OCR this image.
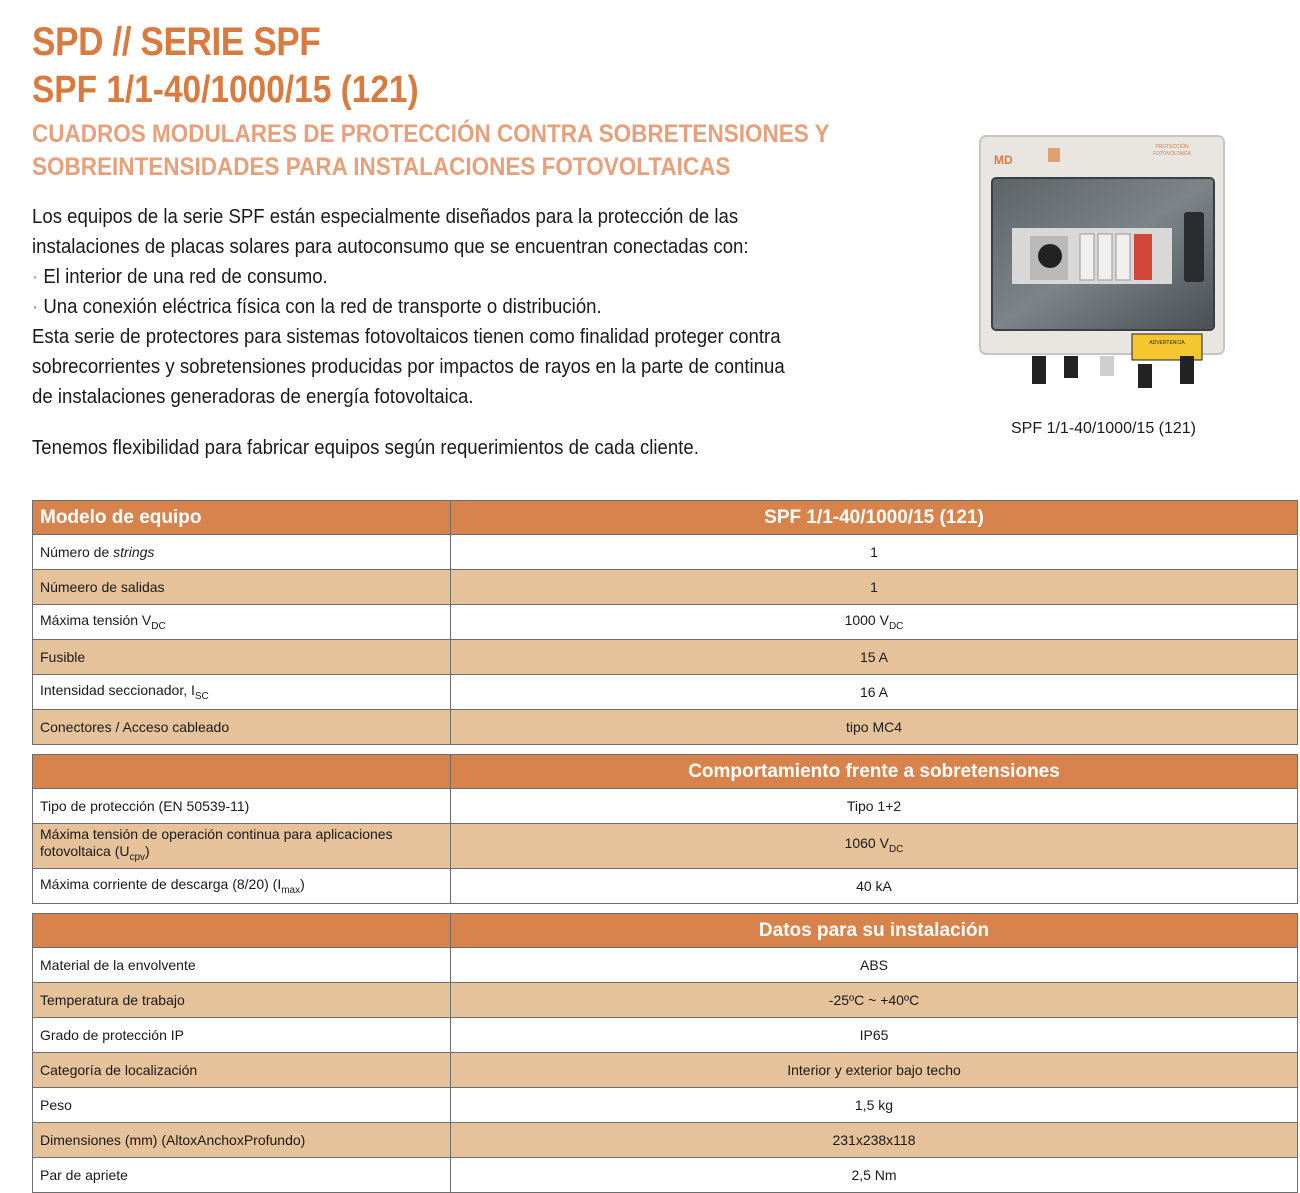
SPD // SERIE SPF
SPF 1/1-40/1000/15 (121)
CUADROS MODULARES DE PROTECCIÓN CONTRA SOBRETENSIONES Y
SOBREINTENSIDADES PARA INSTALACIONES FOTOVOLTAICAS
Los equipos de la serie SPF están especialmente diseñados para la protección de las
instalaciones de placas solares para autoconsumo que se encuentran conectadas con:
· El interior de una red de consumo.
· Una conexión eléctrica física con la red de transporte o distribución.
Esta serie de protectores para sistemas fotovoltaicos tienen como finalidad proteger contra
sobrecorrientes y sobretensiones producidas por impactos de rayos en la parte de continua
de instalaciones generadoras de energía fotovoltaica.
Tenemos flexibilidad para fabricar equipos según requerimientos de cada cliente.
MD
PROTECCIÓN
FOTOVOLTAICA
ADVERTENCIA
SPF 1/1-40/1000/15 (121)
Modelo de equipo	SPF 1/1-40/1000/15 (121)
Número de strings	1
Númeero de salidas	1
Máxima tensión $V_{DC}$	1000 $V_{DC}$
Fusible	15 A
Intensidad seccionador, $I_{SC}$	16 A
Conectores / Acceso cableado	tipo MC4
	Comportamiento frente a sobretensiones
Tipo de protección (EN 50539-11)	Tipo 1+2
Máxima tensión de operación continua para aplicaciones
fotovoltaica $(U_{cpv})$	1060 $V_{DC}$
Máxima corriente de descarga (8/20) $(I_{max})$	40 kA
	Datos para su instalación
Material de la envolvente	ABS
Temperatura de trabajo	-25ºC ~ +40ºC
Grado de protección IP	IP65
Categoría de localización	Interior y exterior bajo techo
Peso	1,5 kg
Dimensiones (mm) (AltoxAnchoxProfundo)	231x238x118
Par de apriete	2,5 Nm
